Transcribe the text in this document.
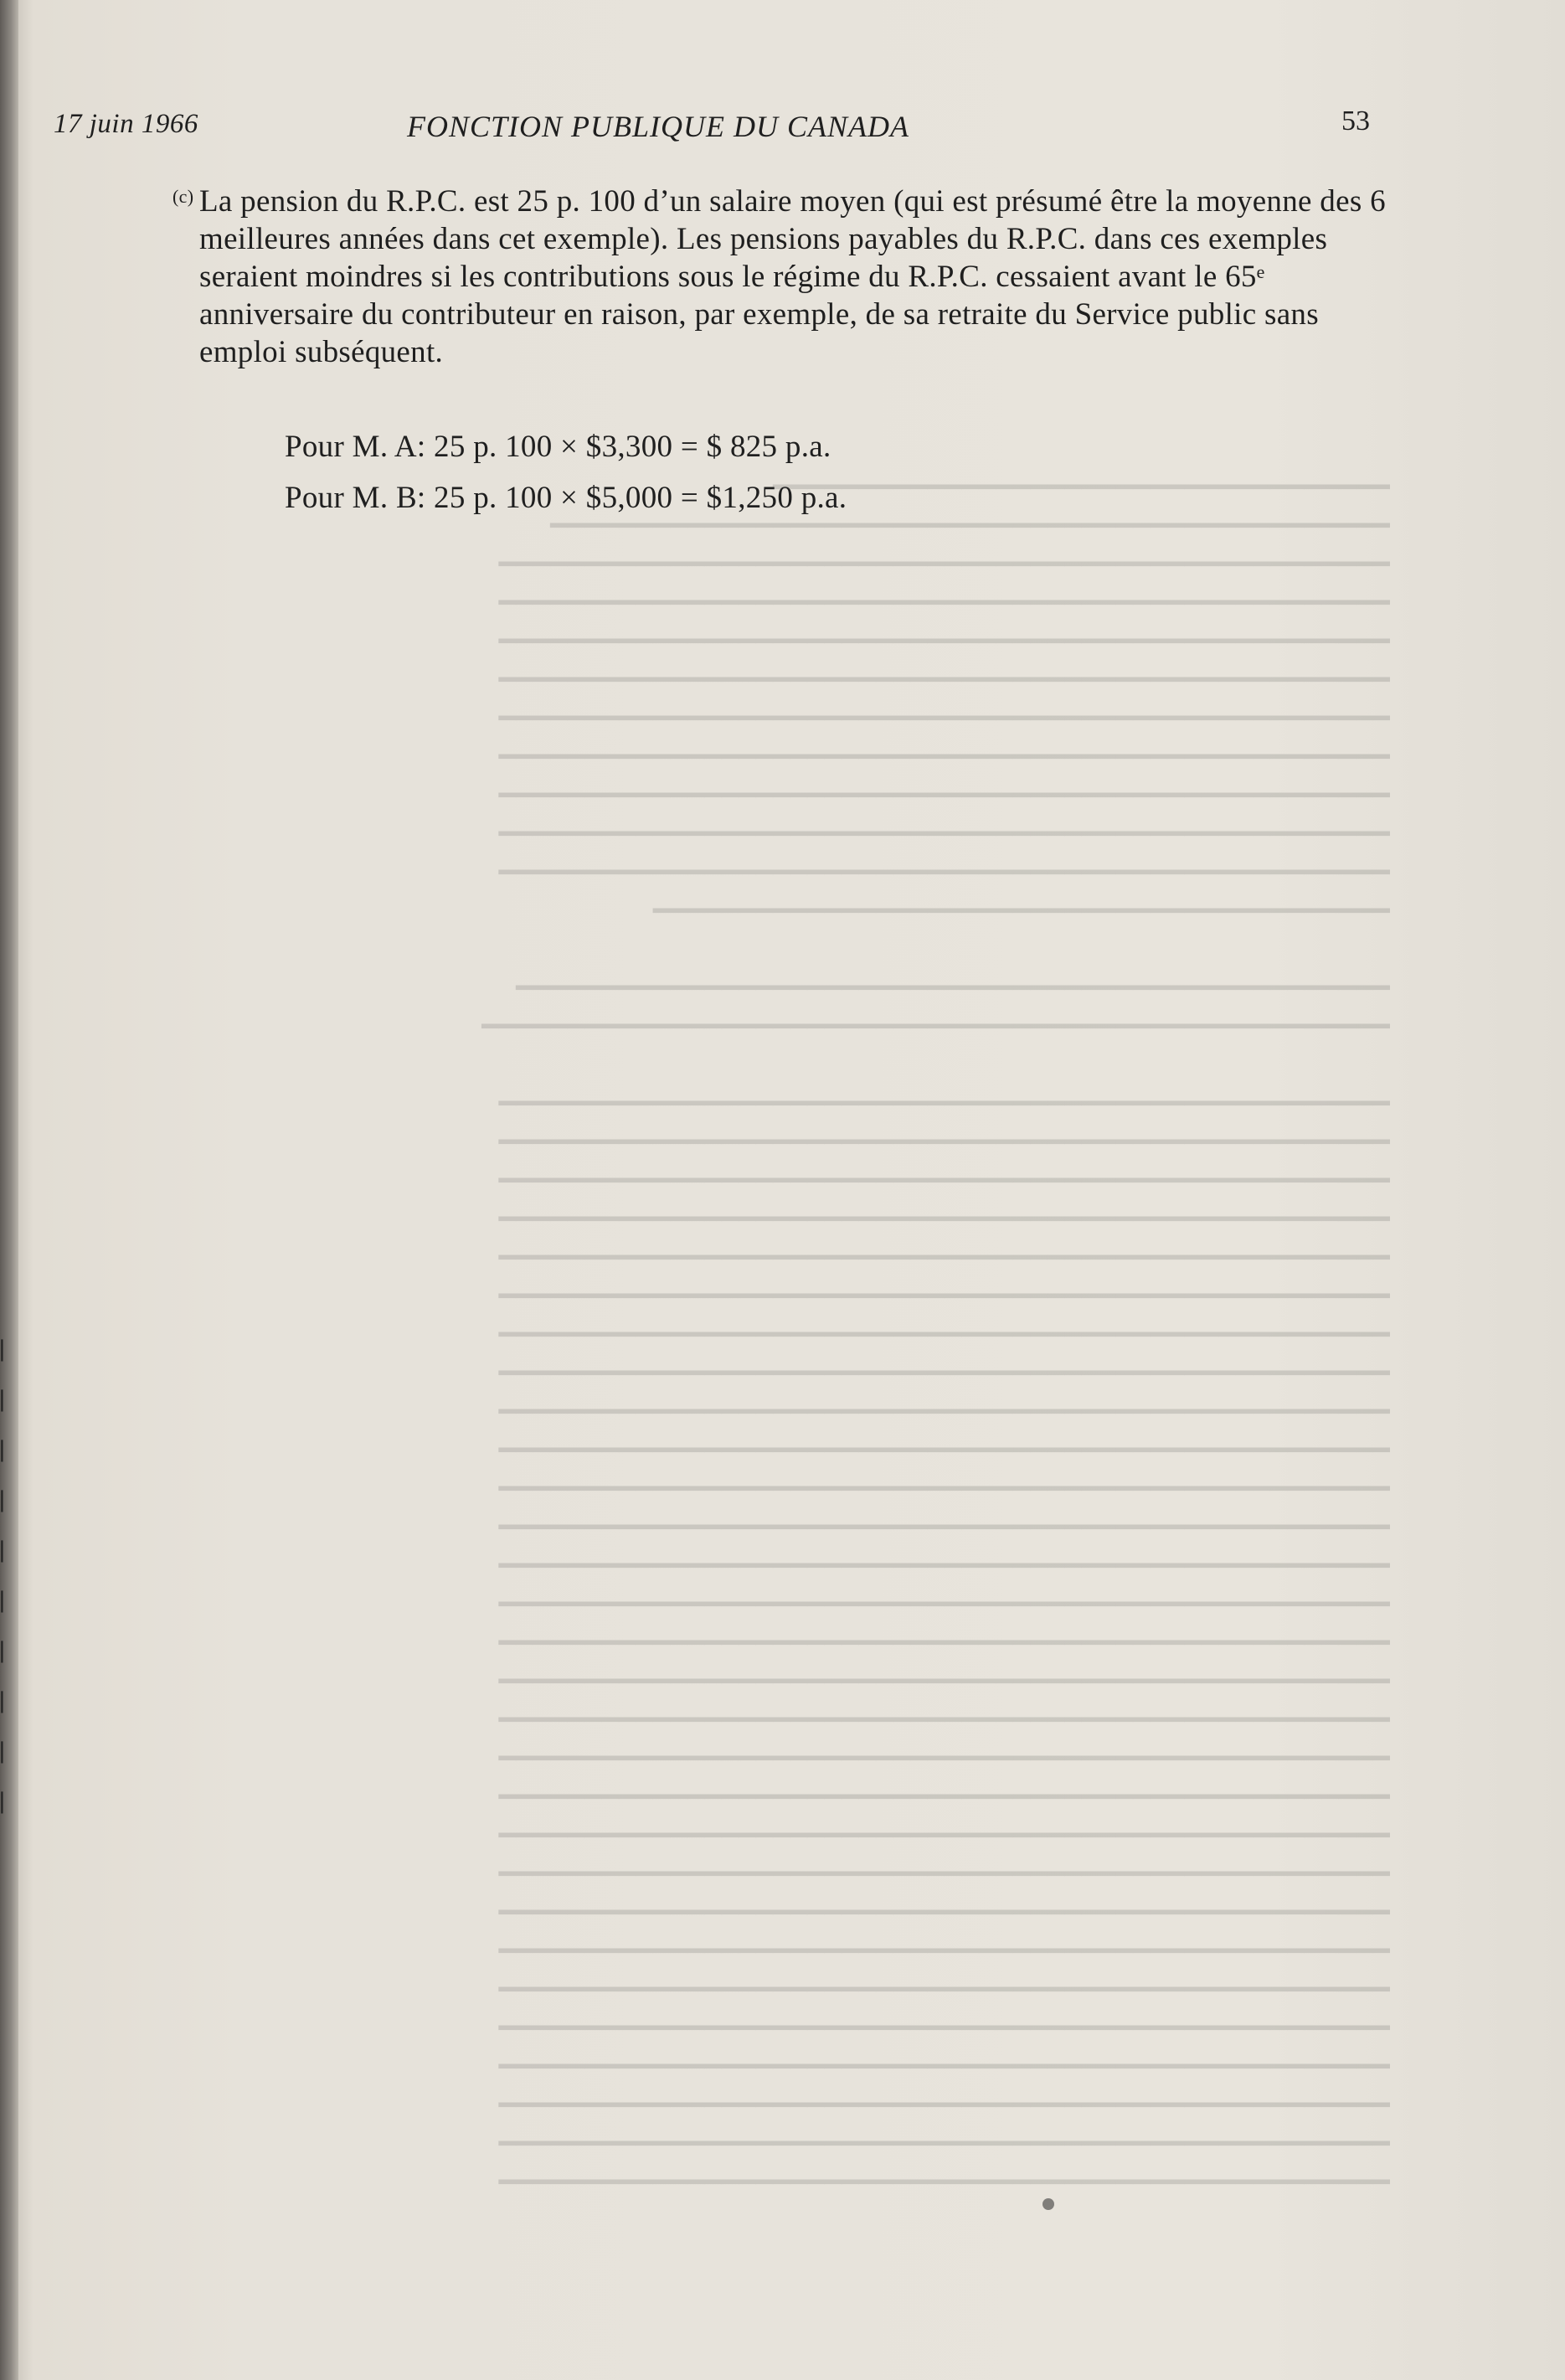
17 juin 1966	FONCTION PUBLIQUE DU CANADA	53
(c) La pension du R.P.C. est 25 p. 100 d’un salaire moyen (qui est présumé être la moyenne des 6 meilleures années dans cet exemple). Les pensions payables du R.P.C. dans ces exemples seraient moindres si les contributions sous le régime du R.P.C. cessaient avant le 65ᵉ anniversaire du contributeur en raison, par exemple, de sa retraite du Service public sans emploi subséquent.

Pour M. A: 25 p. 100 × $3,300 = $ 825 p.a.
Pour M. B: 25 p. 100 × $5,000 = $1,250 p.a.
━━━━━━━━━━━━━━━━━━━━━━━━━━━━━━━━━━━━
━━━━━━━━━━━━━━━━━━━━━━━━━━━━━━━━━━━━━━━━━━━━━━━━━
━━━━━━━━━━━━━━━━━━━━━━━━━━━━━━━━━━━━━━━━━━━━━━━━━━━━
━━━━━━━━━━━━━━━━━━━━━━━━━━━━━━━━━━━━━━━━━━━━━━━━━━━━
━━━━━━━━━━━━━━━━━━━━━━━━━━━━━━━━━━━━━━━━━━━━━━━━━━━━
━━━━━━━━━━━━━━━━━━━━━━━━━━━━━━━━━━━━━━━━━━━━━━━━━━━━
━━━━━━━━━━━━━━━━━━━━━━━━━━━━━━━━━━━━━━━━━━━━━━━━━━━━
━━━━━━━━━━━━━━━━━━━━━━━━━━━━━━━━━━━━━━━━━━━━━━━━━━━━
━━━━━━━━━━━━━━━━━━━━━━━━━━━━━━━━━━━━━━━━━━━━━━━━━━━━
━━━━━━━━━━━━━━━━━━━━━━━━━━━━━━━━━━━━━━━━━━━━━━━━━━━━
━━━━━━━━━━━━━━━━━━━━━━━━━━━━━━━━━━━━━━━━━━━━━━━━━━━━
━━━━━━━━━━━━━━━━━━━━━━━━━━━━━━━━━━━━━━━━━━━

━━━━━━━━━━━━━━━━━━━━━━━━━━━━━━━━━━━━━━━━━━━━━━━━━━━
━━━━━━━━━━━━━━━━━━━━━━━━━━━━━━━━━━━━━━━━━━━━━━━━━━━━━

━━━━━━━━━━━━━━━━━━━━━━━━━━━━━━━━━━━━━━━━━━━━━━━━━━━━
━━━━━━━━━━━━━━━━━━━━━━━━━━━━━━━━━━━━━━━━━━━━━━━━━━━━
━━━━━━━━━━━━━━━━━━━━━━━━━━━━━━━━━━━━━━━━━━━━━━━━━━━━
━━━━━━━━━━━━━━━━━━━━━━━━━━━━━━━━━━━━━━━━━━━━━━━━━━━━
━━━━━━━━━━━━━━━━━━━━━━━━━━━━━━━━━━━━━━━━━━━━━━━━━━━━
━━━━━━━━━━━━━━━━━━━━━━━━━━━━━━━━━━━━━━━━━━━━━━━━━━━━
━━━━━━━━━━━━━━━━━━━━━━━━━━━━━━━━━━━━━━━━━━━━━━━━━━━━
━━━━━━━━━━━━━━━━━━━━━━━━━━━━━━━━━━━━━━━━━━━━━━━━━━━━
━━━━━━━━━━━━━━━━━━━━━━━━━━━━━━━━━━━━━━━━━━━━━━━━━━━━
━━━━━━━━━━━━━━━━━━━━━━━━━━━━━━━━━━━━━━━━━━━━━━━━━━━━
━━━━━━━━━━━━━━━━━━━━━━━━━━━━━━━━━━━━━━━━━━━━━━━━━━━━
━━━━━━━━━━━━━━━━━━━━━━━━━━━━━━━━━━━━━━━━━━━━━━━━━━━━
━━━━━━━━━━━━━━━━━━━━━━━━━━━━━━━━━━━━━━━━━━━━━━━━━━━━
━━━━━━━━━━━━━━━━━━━━━━━━━━━━━━━━━━━━━━━━━━━━━━━━━━━━
━━━━━━━━━━━━━━━━━━━━━━━━━━━━━━━━━━━━━━━━━━━━━━━━━━━━
━━━━━━━━━━━━━━━━━━━━━━━━━━━━━━━━━━━━━━━━━━━━━━━━━━━━
━━━━━━━━━━━━━━━━━━━━━━━━━━━━━━━━━━━━━━━━━━━━━━━━━━━━
━━━━━━━━━━━━━━━━━━━━━━━━━━━━━━━━━━━━━━━━━━━━━━━━━━━━
━━━━━━━━━━━━━━━━━━━━━━━━━━━━━━━━━━━━━━━━━━━━━━━━━━━━
━━━━━━━━━━━━━━━━━━━━━━━━━━━━━━━━━━━━━━━━━━━━━━━━━━━━
━━━━━━━━━━━━━━━━━━━━━━━━━━━━━━━━━━━━━━━━━━━━━━━━━━━━
━━━━━━━━━━━━━━━━━━━━━━━━━━━━━━━━━━━━━━━━━━━━━━━━━━━━
━━━━━━━━━━━━━━━━━━━━━━━━━━━━━━━━━━━━━━━━━━━━━━━━━━━━
━━━━━━━━━━━━━━━━━━━━━━━━━━━━━━━━━━━━━━━━━━━━━━━━━━━━
━━━━━━━━━━━━━━━━━━━━━━━━━━━━━━━━━━━━━━━━━━━━━━━━━━━━
━━━━━━━━━━━━━━━━━━━━━━━━━━━━━━━━━━━━━━━━━━━━━━━━━━━━
━━━━━━━━━━━━━━━━━━━━━━━━━━━━━━━━━━━━━━━━━━━━━━━━━━━━
━━━━━━━━━━━━━━━━━━━━━━━━━━━━━━━━━━━━━━━━━━━━━━━━━━━━
━━━━━━━━━━━━━━━━━━━━━━━━━━━━━━━━━━━━━━━━━━━━━━━━━━━━
▏
▏
▏
▏
▏
▏
▏
▏
▏
▏
